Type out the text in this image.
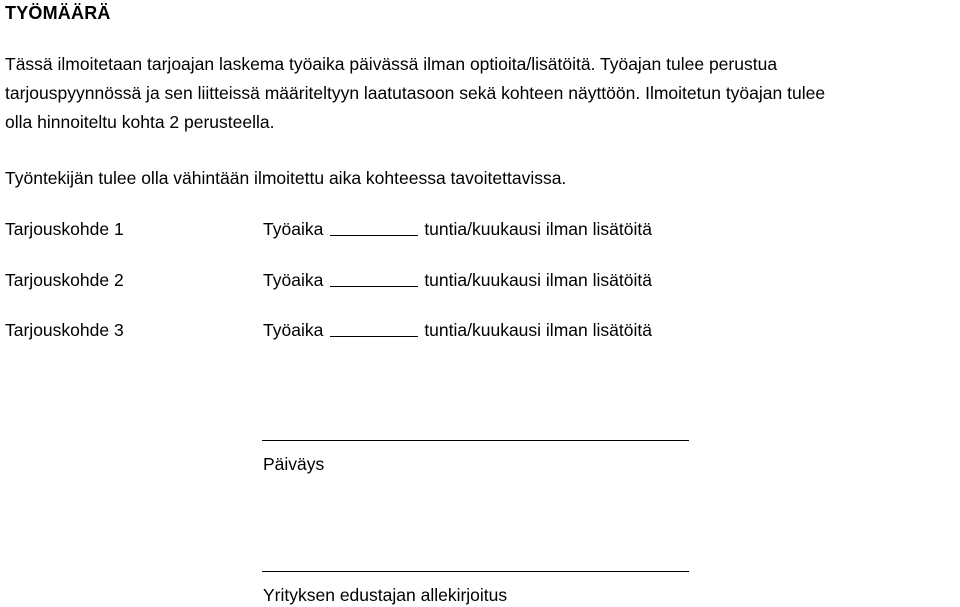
TYÖMÄÄRÄ
Tässä ilmoitetaan tarjoajan laskema työaika päivässä ilman optioita/lisätöitä. Työajan tulee perustua
tarjouspyynnössä ja sen liitteissä määriteltyyn laatutasoon sekä kohteen näyttöön. Ilmoitetun työajan tulee
olla hinnoiteltu kohta 2 perusteella.
Työntekijän tulee olla vähintään ilmoitettu aika kohteessa tavoitettavissa.
Tarjouskohde 1	Työaika	tuntia/kuukausi ilman lisätöitä
Tarjouskohde 2	Työaika	tuntia/kuukausi ilman lisätöitä
Tarjouskohde 3	Työaika	tuntia/kuukausi ilman lisätöitä
Päiväys
Yrityksen edustajan allekirjoitus
